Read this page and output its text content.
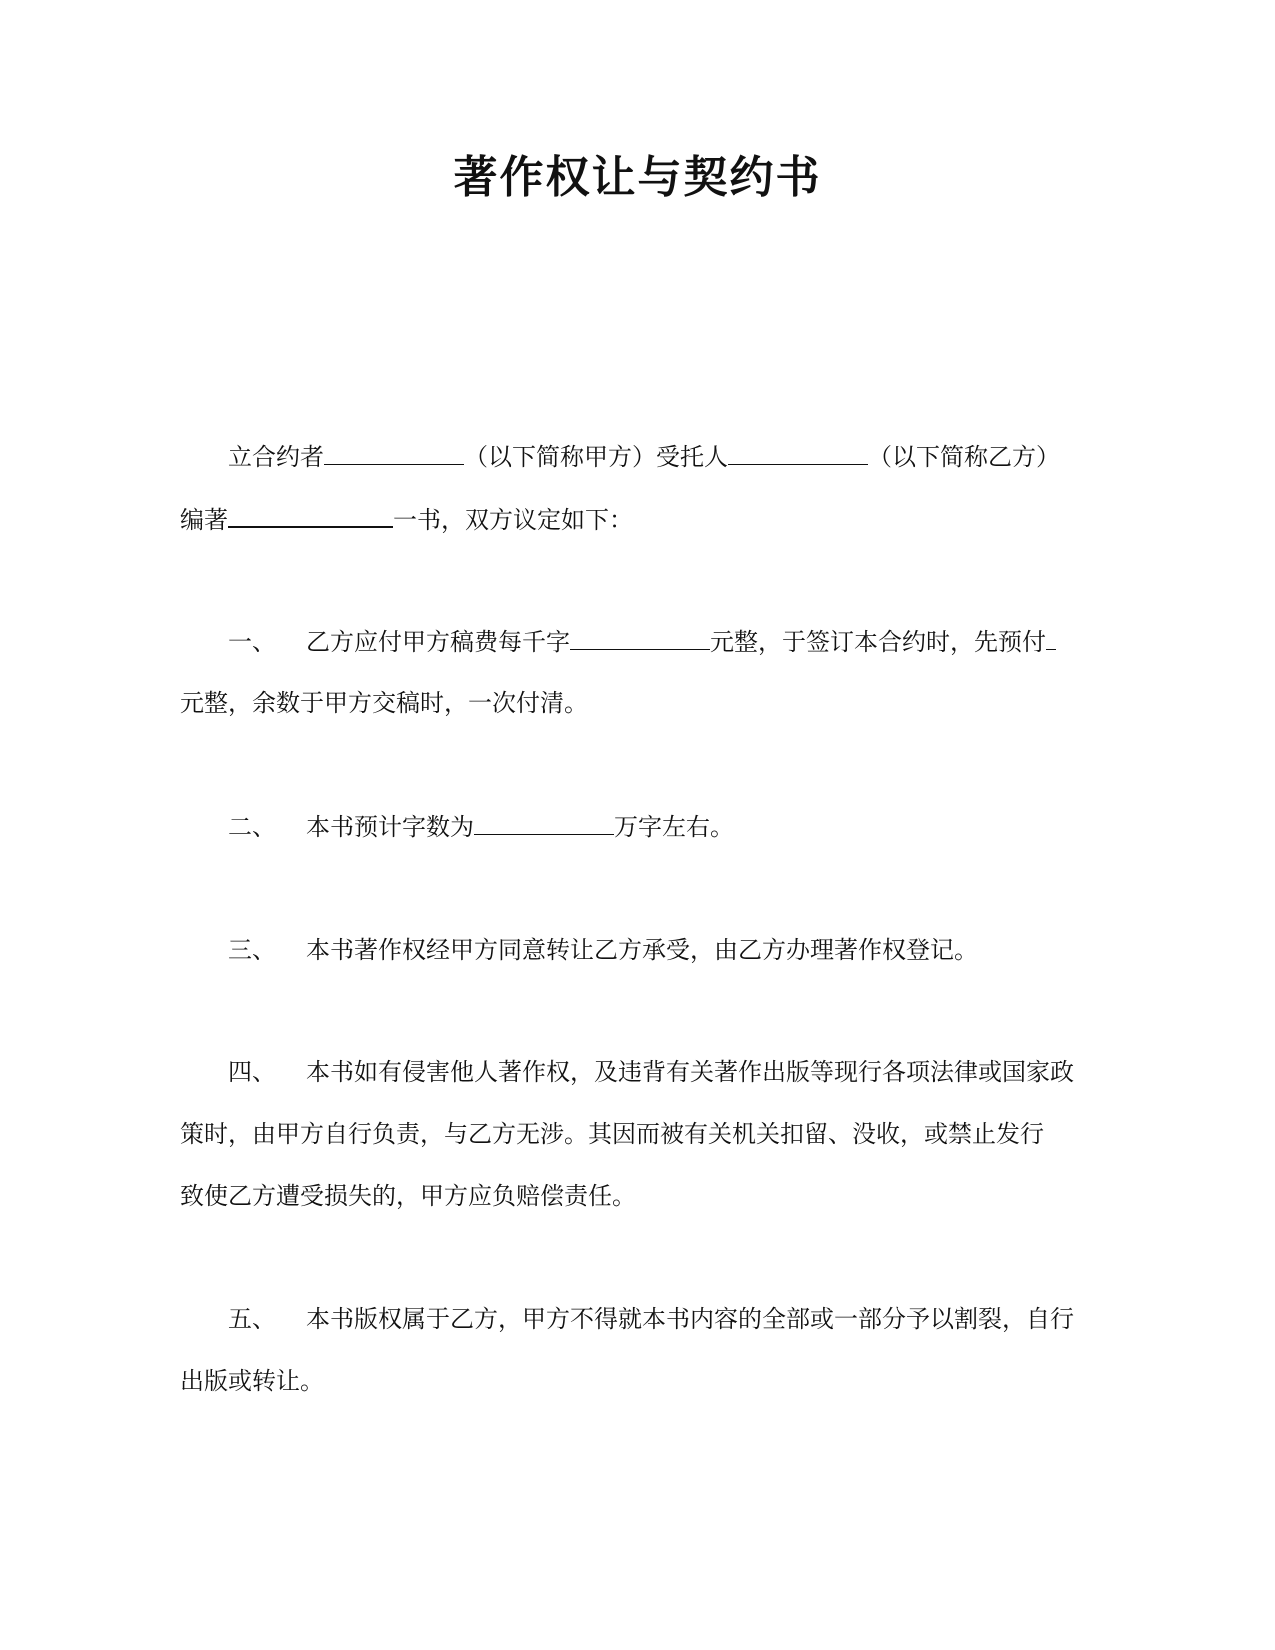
著作权让与契约书

立合约者	（以下简称甲方）受托人	（以下简称乙方）

编著	一书，双方议定如下：

一、 乙方应付甲方稿费每千字	元整，于签订本合约时，先预付

元整，余数于甲方交稿时，一次付清。

二、 本书预计字数为	万字左右。

三、 本书著作权经甲方同意转让乙方承受，由乙方办理著作权登记。

四、 本书如有侵害他人著作权，及违背有关著作出版等现行各项法律或国家政

策时，由甲方自行负责，与乙方无涉。其因而被有关机关扣留、没收，或禁止发行

致使乙方遭受损失的，甲方应负赔偿责任。

五、 本书版权属于乙方，甲方不得就本书内容的全部或一部分予以割裂，自行

出版或转让。
